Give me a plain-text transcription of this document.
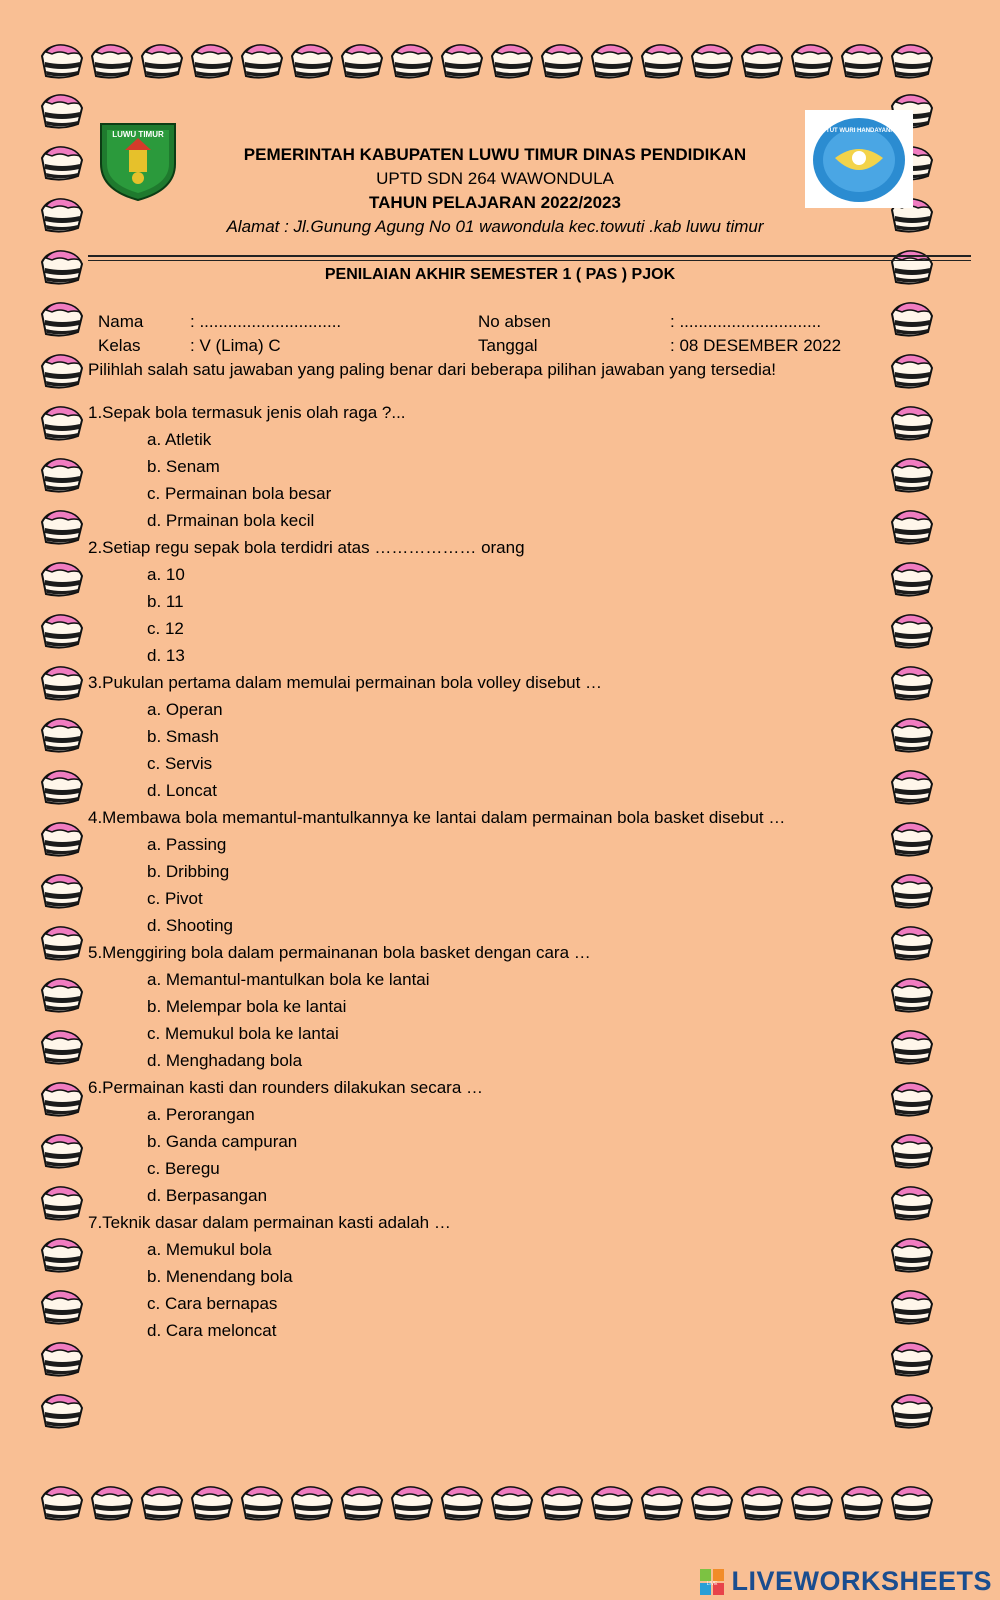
LUWU TIMUR	TUT WURI HANDAYANI
PEMERINTAH KABUPATEN LUWU TIMUR DINAS PENDIDIKAN
UPTD SDN 264 WAWONDULA
TAHUN PELAJARAN 2022/2023
Alamat : Jl.Gunung Agung No 01 wawondula kec.towuti .kab luwu timur
PENILAIAN AKHIR SEMESTER 1 ( PAS ) PJOK
Nama	: ..............................	No absen	: ..............................
Kelas	: V (Lima) C	Tanggal	: 08 DESEMBER 2022
Pilihlah salah satu jawaban yang paling benar dari beberapa pilihan jawaban yang tersedia!
1.Sepak bola termasuk jenis olah raga ?...
a. Atletik
b. Senam
c. Permainan bola besar
d. Prmainan bola kecil
2.Setiap regu sepak bola terdidri atas ……………… orang
a. 10
b. 11
c. 12
d. 13
3.Pukulan pertama dalam memulai permainan bola volley disebut …
a. Operan
b. Smash
c. Servis
d. Loncat
4.Membawa bola memantul-mantulkannya ke lantai dalam permainan bola basket disebut …
a. Passing
b. Dribbing
c. Pivot
d. Shooting
5.Menggiring bola dalam permainanan bola basket dengan cara …
a. Memantul-mantulkan bola ke lantai
b. Melempar bola ke lantai
c. Memukul bola ke lantai
d. Menghadang bola
6.Permainan kasti dan rounders dilakukan secara …
a. Perorangan
b. Ganda campuran
c. Beregu
d. Berpasangan
7.Teknik dasar dalam permainan kasti adalah …
a. Memukul bola
b. Menendang bola
c. Cara bernapas
d. Cara meloncat
LIVE LIVEWORKSHEETS
